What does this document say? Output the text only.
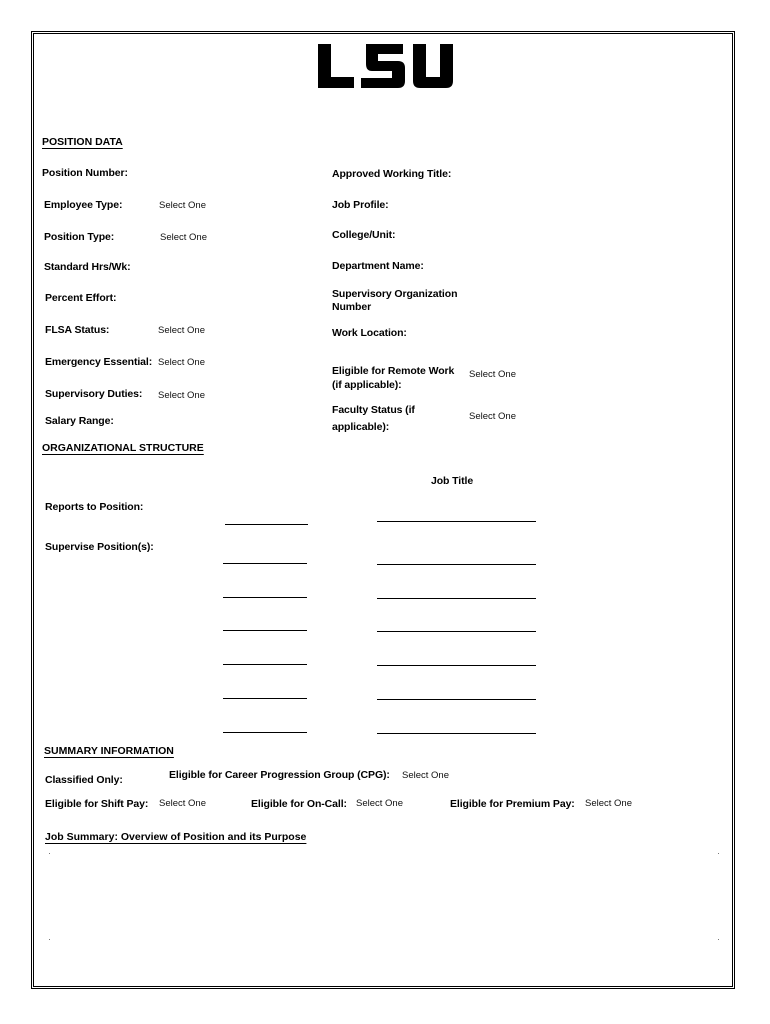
POSITION DATA
Position Number:
Employee Type:	Select One
Position Type:	Select One
Standard Hrs/Wk:
Percent Effort:
FLSA Status:	Select One
Emergency Essential: Select One
Supervisory Duties: Select One
Salary Range:
Approved Working Title:
Job Profile:
College/Unit:
Department Name:
Supervisory Organization
Number
Work Location:
Eligible for Remote Work
(if applicable):
Select One
Faculty Status (if
applicable):
Select One
ORGANIZATIONAL STRUCTURE
Job Title
Reports to Position:
Supervise Position(s):
SUMMARY INFORMATION
Classified Only:	Eligible for Career Progression Group (CPG): Select One
Eligible for Shift Pay: Select One	Eligible for On-Call: Select One	Eligible for Premium Pay: Select One
Job Summary: Overview of Position and its Purpose
